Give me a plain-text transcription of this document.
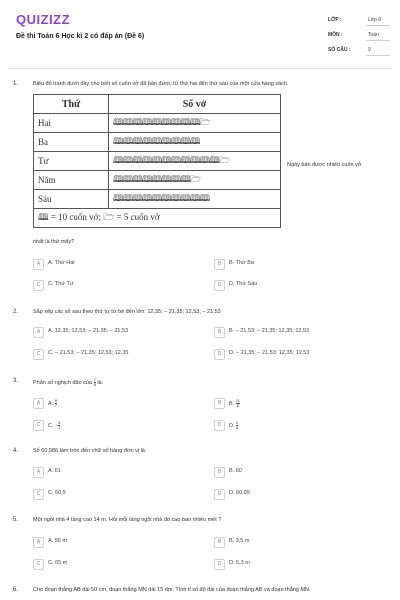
QUIZIZZ
Đề thi Toán 6 Học kì 2 có đáp án (Đề 6)
LỚP :	Lớp 6
MÔN :	Toán
SỐ CÂU :	9
1.	Biểu đồ tranh dưới đây cho biết số cuốn vở đã bán được từ thứ hai đến thứ sáu của một cửa hàng sách.
Thứ	Số vở
Hai	🕮🕮🕮🕮🕮🕮🕮🕮🕮🗁
Ba	🕮🕮🕮🕮🕮🕮🕮🕮🕮
Tư	🕮🕮🕮🕮🕮🕮🕮🕮🕮🕮🕮🗁
Năm	🕮🕮🕮🕮🕮🕮🕮🕮🗁
Sáu	🕮🕮🕮🕮🕮🕮🕮🕮🕮🕮
🕮 = 10 cuốn vở; 🗁 = 5 cuốn vở	
Ngày bán được nhiều cuốn vở
nhất là thứ mấy?
A	A. Thứ Hai	B	B. Thứ Ba
C	C. Thứ Tư	D	D. Thứ Sáu
2.	Sắp xếp các số sau theo thứ tự từ bé đến lớn: 12,35; – 21,35; 12,53; – 21,53
A	A. 12,35; 12,53; – 21,35; – 21,53	B	B. – 21,53; – 21,35; 12,35; 12,53
C	C. – 21,53; – 21,35; 12,53; 12,35	D	D. – 21,35; – 21,53; 12,35; 12,53
3.	Phân số nghịch đảo của $\frac{7}{8}$ là:
A	A. $\frac{8}{7}$	B	B. $\frac{11}{8}$
C	C. − $\frac{8}{7}$	D	D. $\frac{5}{8}$
4.	Số 60,986 làm tròn đến chữ số hàng đơn vị là:
A	A. 61	B	B. 60
C	C. 60,9	D	D. 60,99
5.	Một ngôi nhà 4 tầng cao 14 m. Hỏi mỗi tầng ngôi nhà đó cao bao nhiêu mét ?
A	A. 56 m	B	B. 3,5 m
C	C. 65 m	D	D. 5,3 m
6.	Cho đoạn thẳng AB dài 50 cm, đoạn thẳng MN dài 15 dm. Tính tỉ số độ dài của đoạn thẳng AB và đoạn thẳng MN.
